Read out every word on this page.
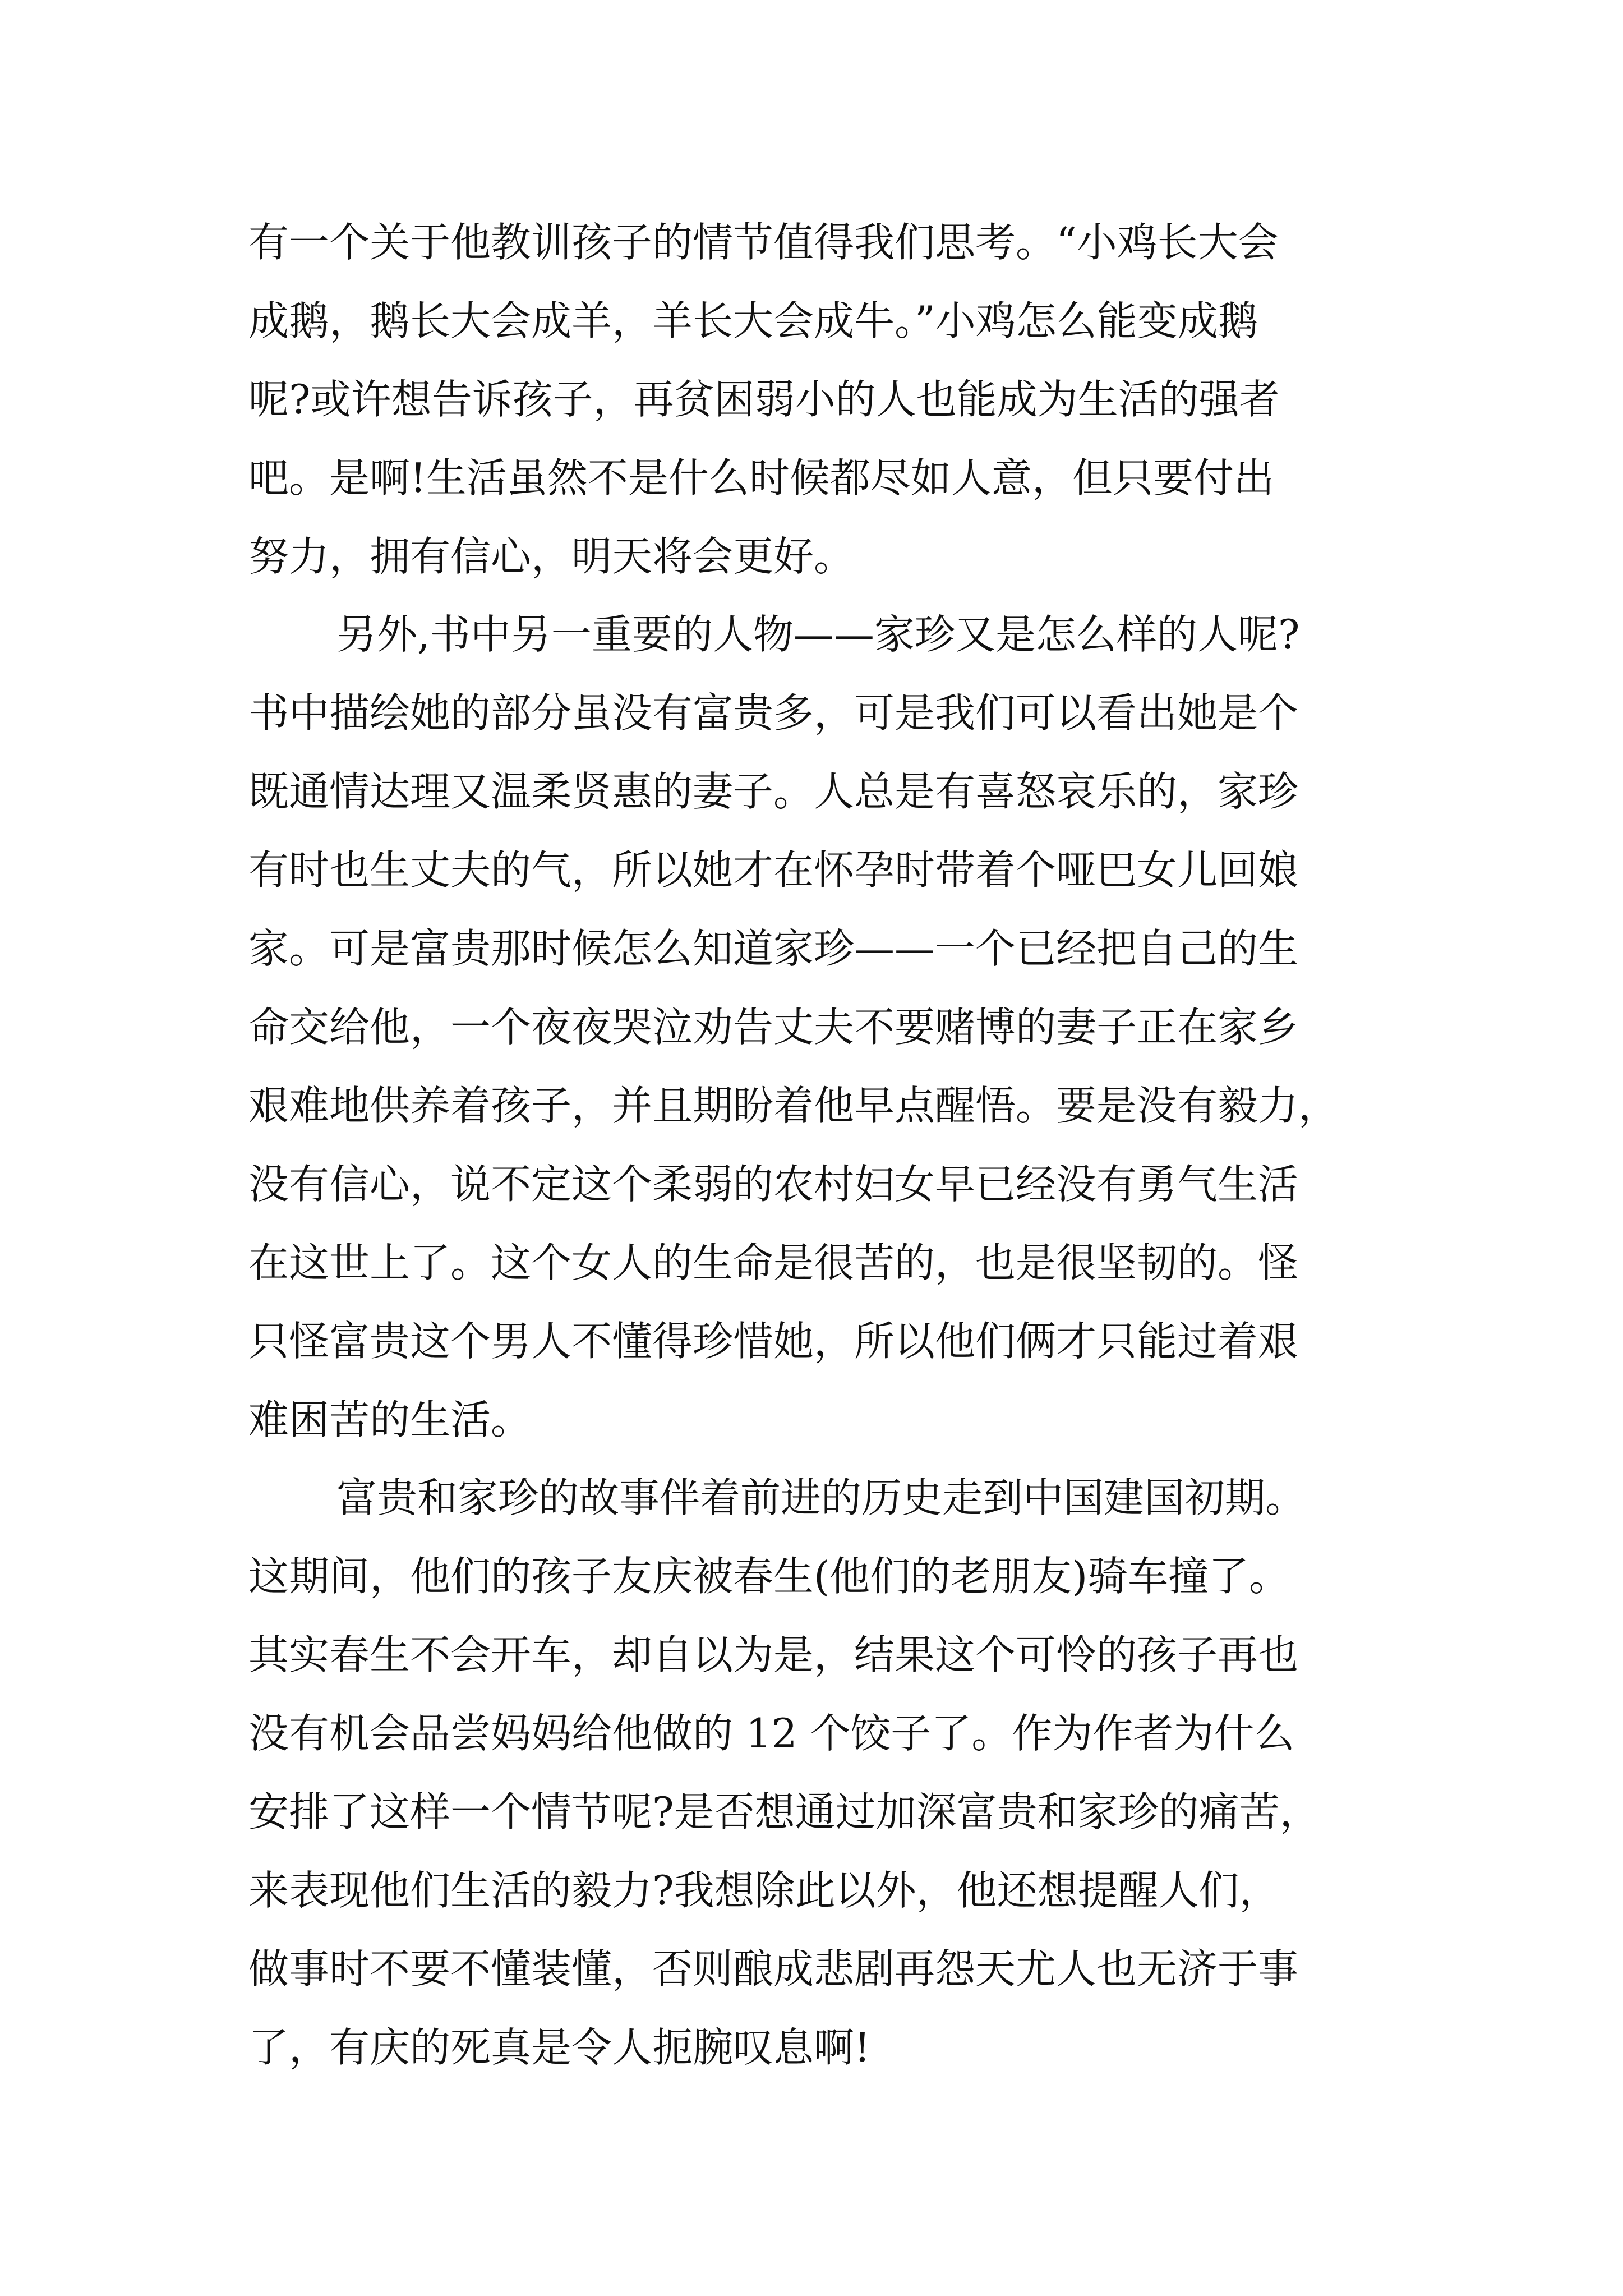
有一个关于他教训孩子的情节值得我们思考。“小鸡长大会
成鹅，鹅长大会成羊，羊长大会成牛。”小鸡怎么能变成鹅
呢?或许想告诉孩子，再贫困弱小的人也能成为生活的强者
吧。是啊!生活虽然不是什么时候都尽如人意，但只要付出
努力，拥有信心，明天将会更好。
另外,书中另一重要的人物——家珍又是怎么样的人呢?
书中描绘她的部分虽没有富贵多，可是我们可以看出她是个
既通情达理又温柔贤惠的妻子。人总是有喜怒哀乐的，家珍
有时也生丈夫的气，所以她才在怀孕时带着个哑巴女儿回娘
家。可是富贵那时候怎么知道家珍——一个已经把自己的生
命交给他，一个夜夜哭泣劝告丈夫不要赌博的妻子正在家乡
艰难地供养着孩子，并且期盼着他早点醒悟。要是没有毅力，
没有信心，说不定这个柔弱的农村妇女早已经没有勇气生活
在这世上了。这个女人的生命是很苦的，也是很坚韧的。怪
只怪富贵这个男人不懂得珍惜她，所以他们俩才只能过着艰
难困苦的生活。
富贵和家珍的故事伴着前进的历史走到中国建国初期。
这期间，他们的孩子友庆被春生(他们的老朋友)骑车撞了。
其实春生不会开车，却自以为是，结果这个可怜的孩子再也
没有机会品尝妈妈给他做的 12 个饺子了。作为作者为什么
安排了这样一个情节呢?是否想通过加深富贵和家珍的痛苦，
来表现他们生活的毅力?我想除此以外，他还想提醒人们，
做事时不要不懂装懂，否则酿成悲剧再怨天尤人也无济于事
了，有庆的死真是令人扼腕叹息啊!
